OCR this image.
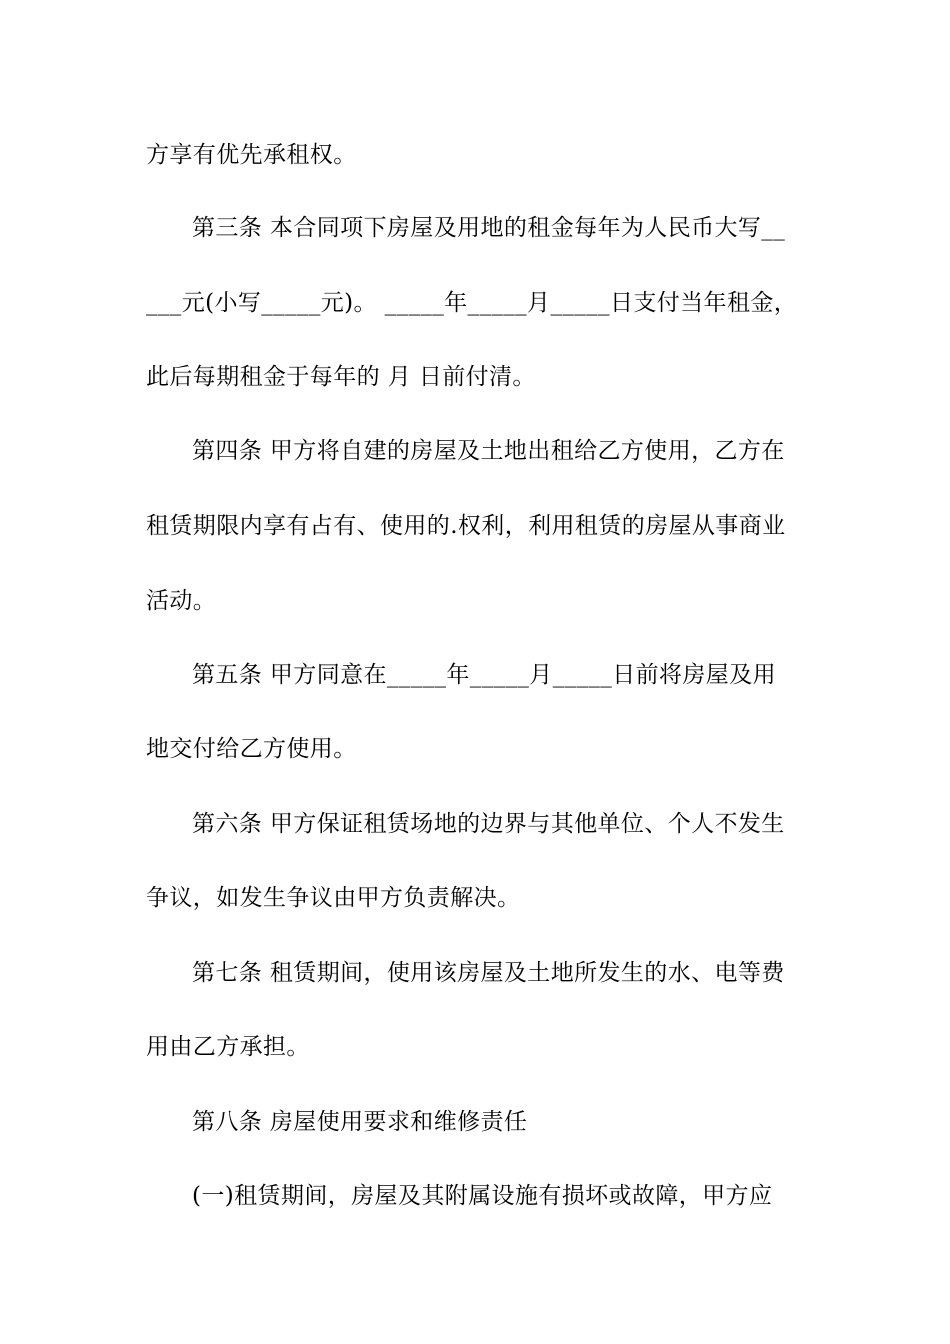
方享有优先承租权。
第三条 本合同项下房屋及用地的租金每年为人民币大写__
___元(小写_____元)。 _____年_____月_____日支付当年租金，
此后每期租金于每年的 月 日前付清。
第四条 甲方将自建的房屋及土地出租给乙方使用，乙方在
租赁期限内享有占有、使用的.权利，利用租赁的房屋从事商业
活动。
第五条 甲方同意在_____年_____月_____日前将房屋及用
地交付给乙方使用。
第六条 甲方保证租赁场地的边界与其他单位、个人不发生
争议，如发生争议由甲方负责解决。
第七条 租赁期间，使用该房屋及土地所发生的水、电等费
用由乙方承担。
第八条 房屋使用要求和维修责任
(一)租赁期间，房屋及其附属设施有损坏或故障，甲方应
